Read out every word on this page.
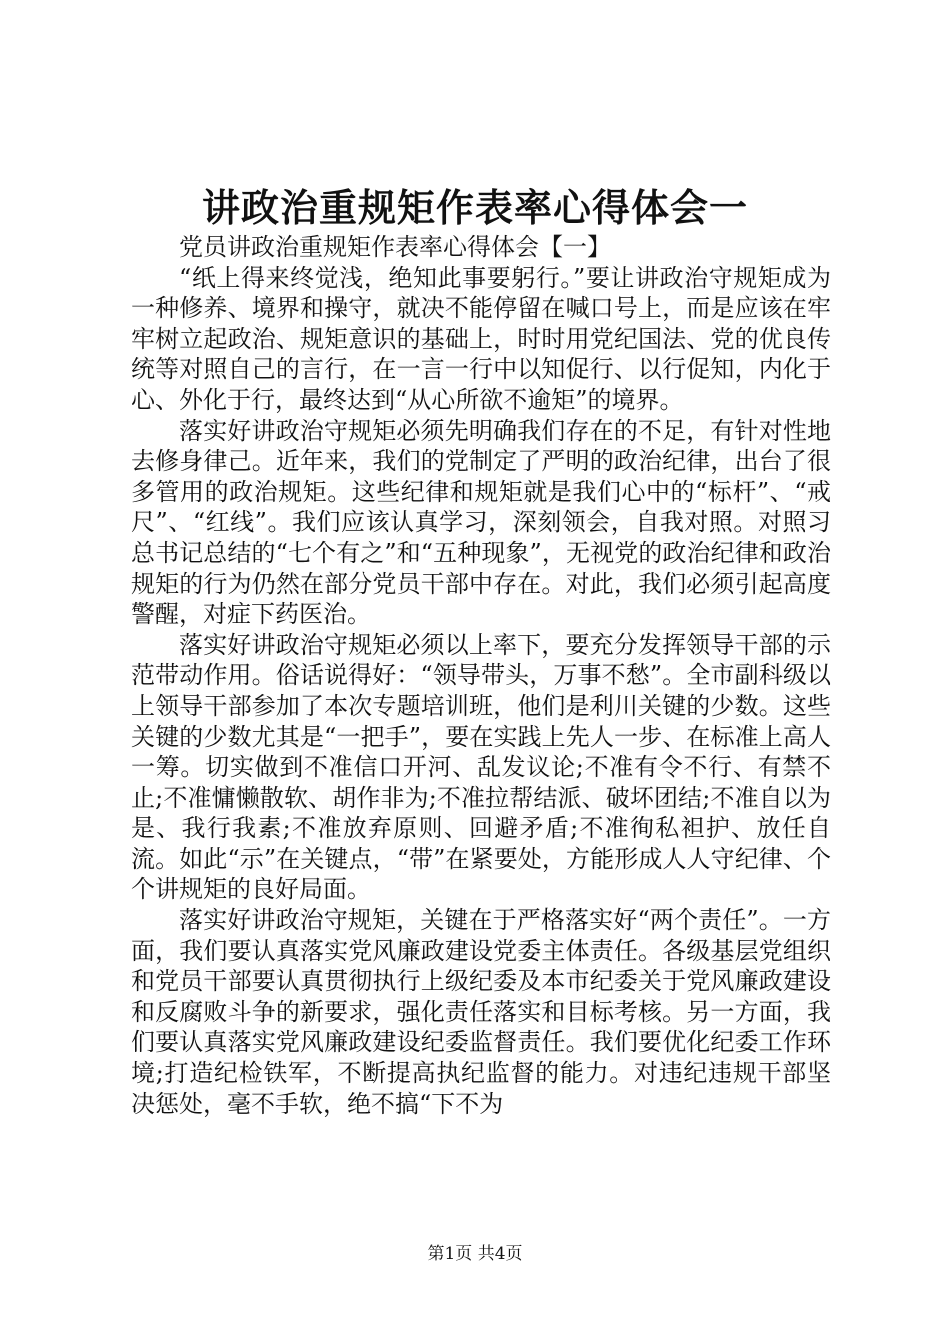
讲政治重规矩作表率心得体会一

党员讲政治重规矩作表率心得体会【一】

“纸上得来终觉浅，绝知此事要躬行。”要让讲政治守规矩成为一种修养、境界和操守，就决不能停留在喊口号上，而是应该在牢牢树立起政治、规矩意识的基础上，时时用党纪国法、党的优良传统等对照自己的言行，在一言一行中以知促行、以行促知，内化于心、外化于行，最终达到“从心所欲不逾矩”的境界。

落实好讲政治守规矩必须先明确我们存在的不足，有针对性地去修身律己。近年来，我们的党制定了严明的政治纪律，出台了很多管用的政治规矩。这些纪律和规矩就是我们心中的“标杆”、“戒尺”、“红线”。我们应该认真学习，深刻领会，自我对照。对照习总书记总结的“七个有之”和“五种现象”，无视党的政治纪律和政治规矩的行为仍然在部分党员干部中存在。对此，我们必须引起高度警醒，对症下药医治。

落实好讲政治守规矩必须以上率下，要充分发挥领导干部的示范带动作用。俗话说得好：“领导带头，万事不愁”。全市副科级以上领导干部参加了本次专题培训班，他们是利川关键的少数。这些关键的少数尤其是“一把手”，要在实践上先人一步、在标准上高人一筹。切实做到不准信口开河、乱发议论;不准有令不行、有禁不止;不准慵懒散软、胡作非为;不准拉帮结派、破坏团结;不准自以为是、我行我素;不准放弃原则、回避矛盾;不准徇私袒护、放任自流。如此“示”在关键点，“带”在紧要处，方能形成人人守纪律、个个讲规矩的良好局面。

落实好讲政治守规矩，关键在于严格落实好“两个责任”。一方面，我们要认真落实党风廉政建设党委主体责任。各级基层党组织和党员干部要认真贯彻执行上级纪委及本市纪委关于党风廉政建设和反腐败斗争的新要求，强化责任落实和目标考核。另一方面，我们要认真落实党风廉政建设纪委监督责任。我们要优化纪委工作环境;打造纪检铁军，不断提高执纪监督的能力。对违纪违规干部坚决惩处，毫不手软，绝不搞“下不为

第1页 共4页
